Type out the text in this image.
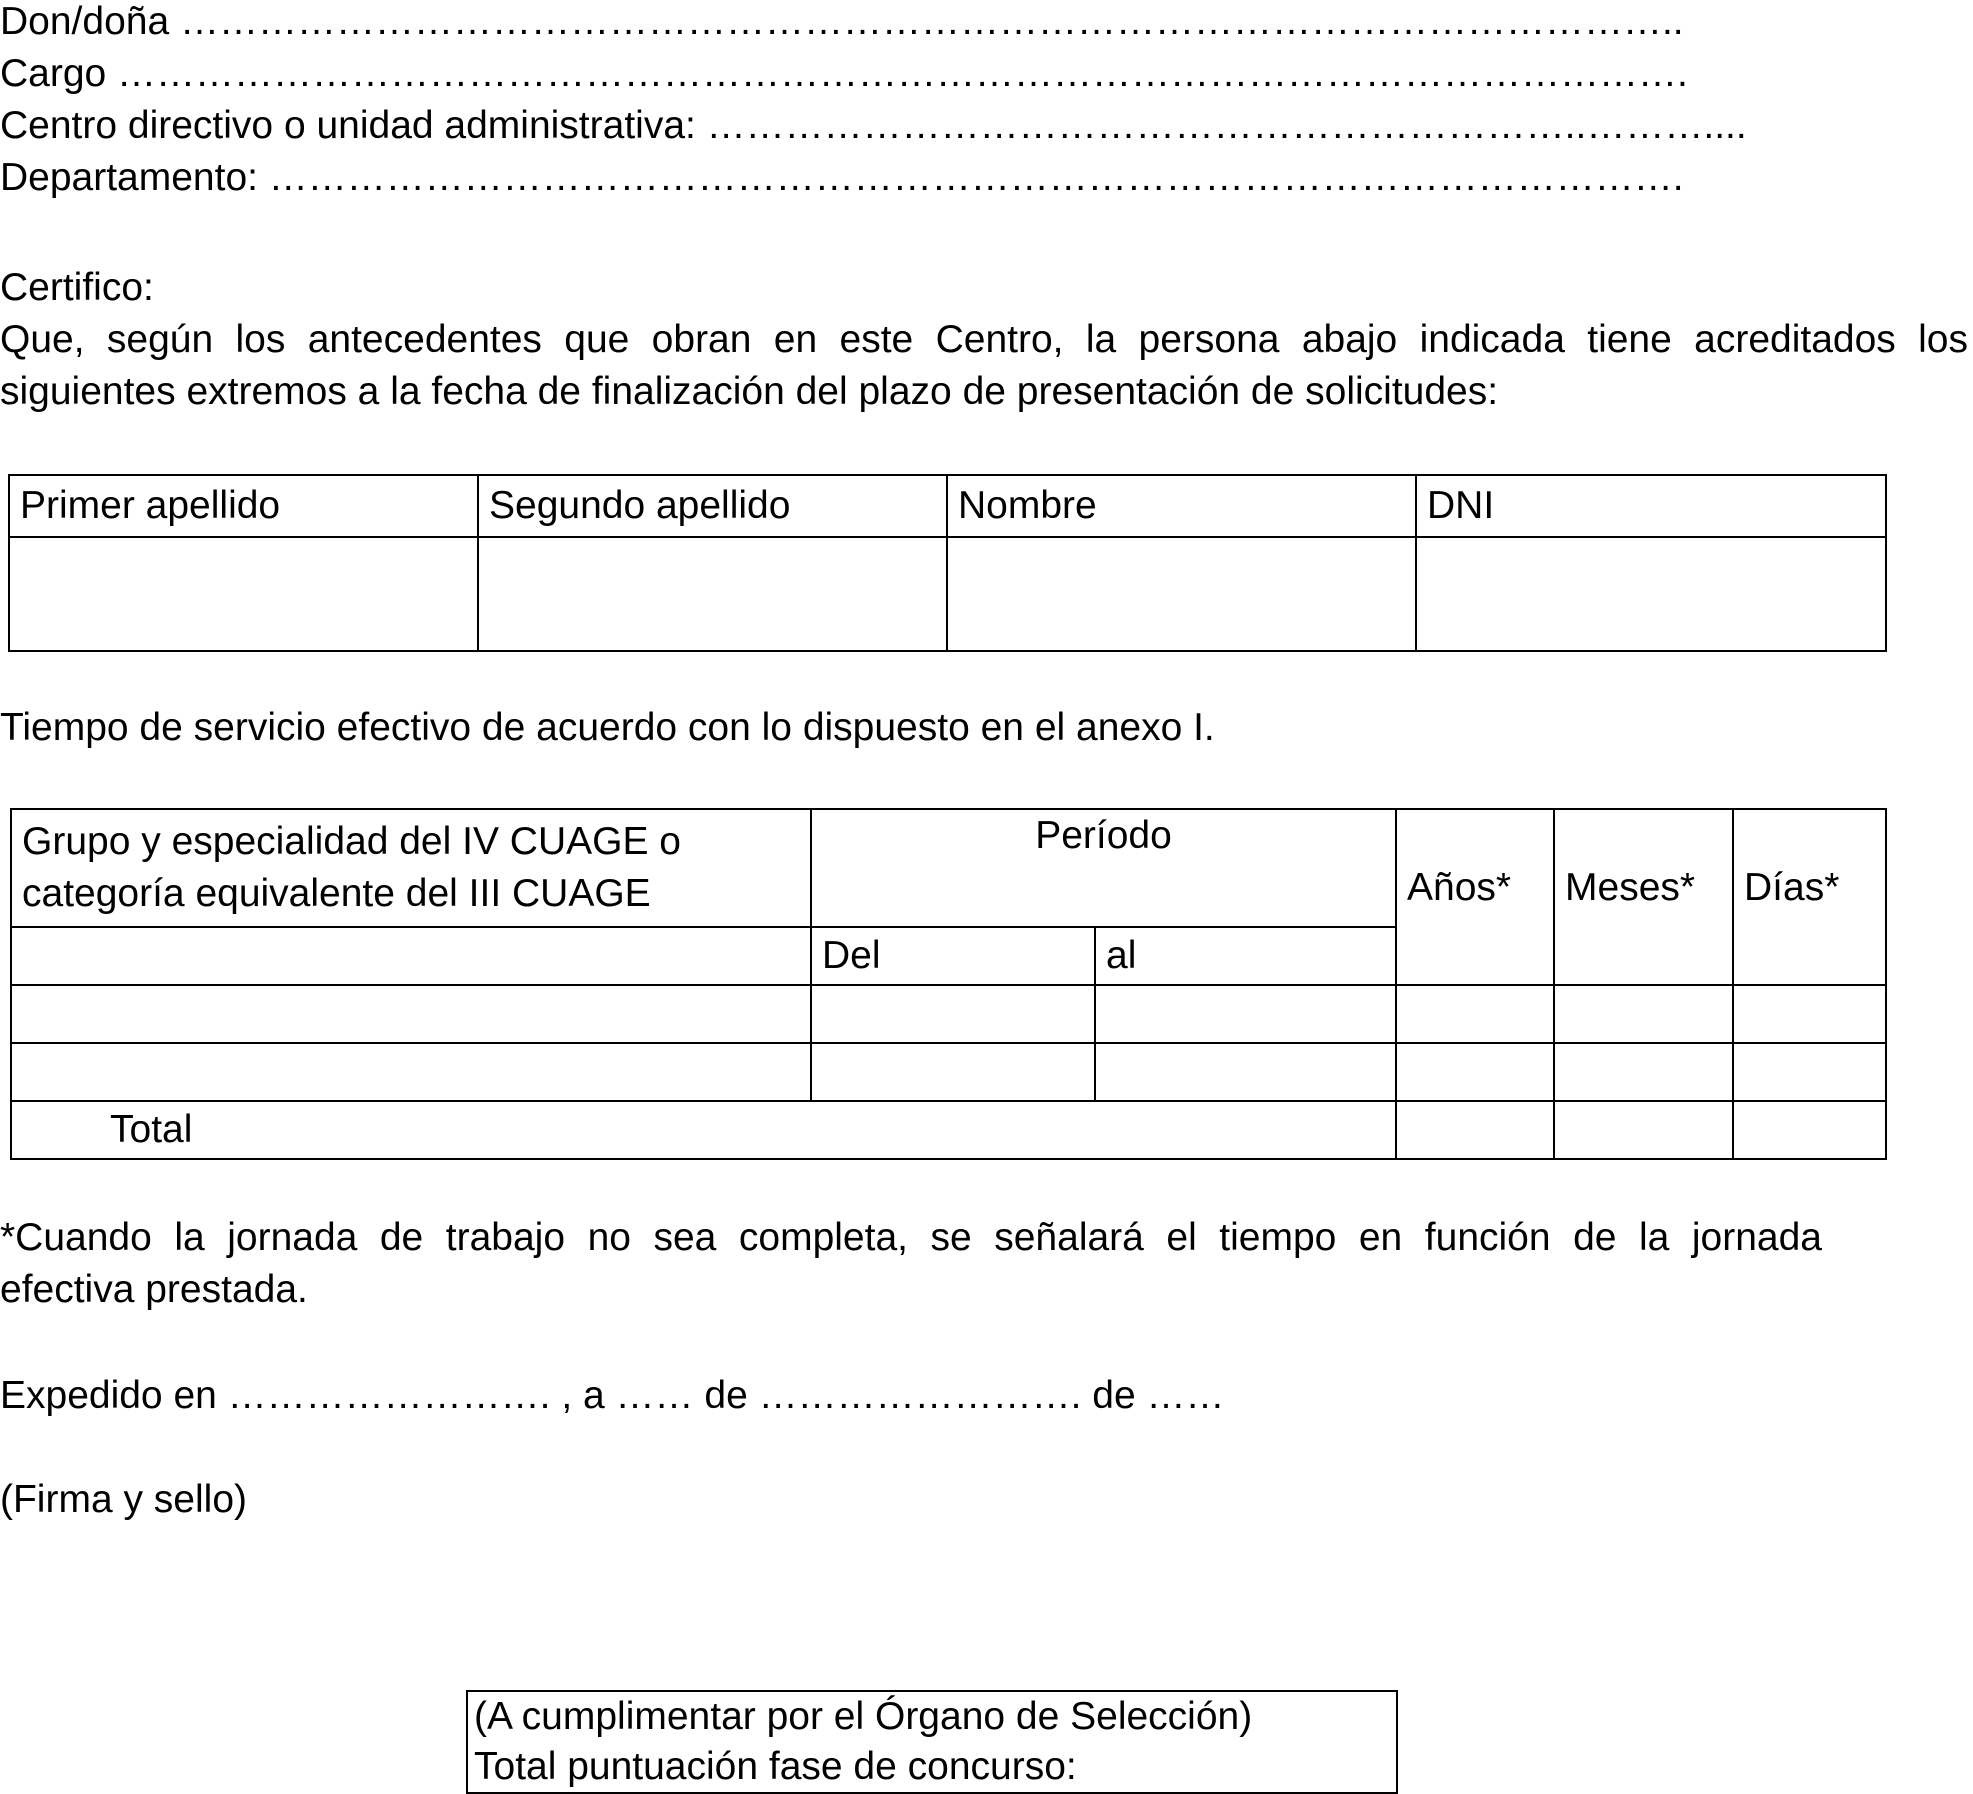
Don/doña ……………………………………………………………………………………………………..
Cargo ………………………………………………………………………………………………………….
Centro directivo o unidad administrativa: …………………………………………………………..………....
Departamento: ……………………………………………………………………………………………….
Certifico:
Que, según los antecedentes que obran en este Centro, la persona abajo indicada tiene acreditados los
siguientes extremos a la fecha de finalización del plazo de presentación de solicitudes:
Primer apellido	Segundo apellido	Nombre	DNI

Tiempo de servicio efectivo de acuerdo con lo dispuesto en el anexo I.
Grupo y especialidad del IV CUAGE o
categoría equivalente del III CUAGE	Período		Años*	Meses*	Días*
	Del	al			

Total					
*Cuando la jornada de trabajo no sea completa, se señalará el tiempo en función de la jornada
efectiva prestada.
Expedido en ……………………. , a …… de ……………………. de ……
(Firma y sello)
(A cumplimentar por el Órgano de Selección)
Total puntuación fase de concurso:
